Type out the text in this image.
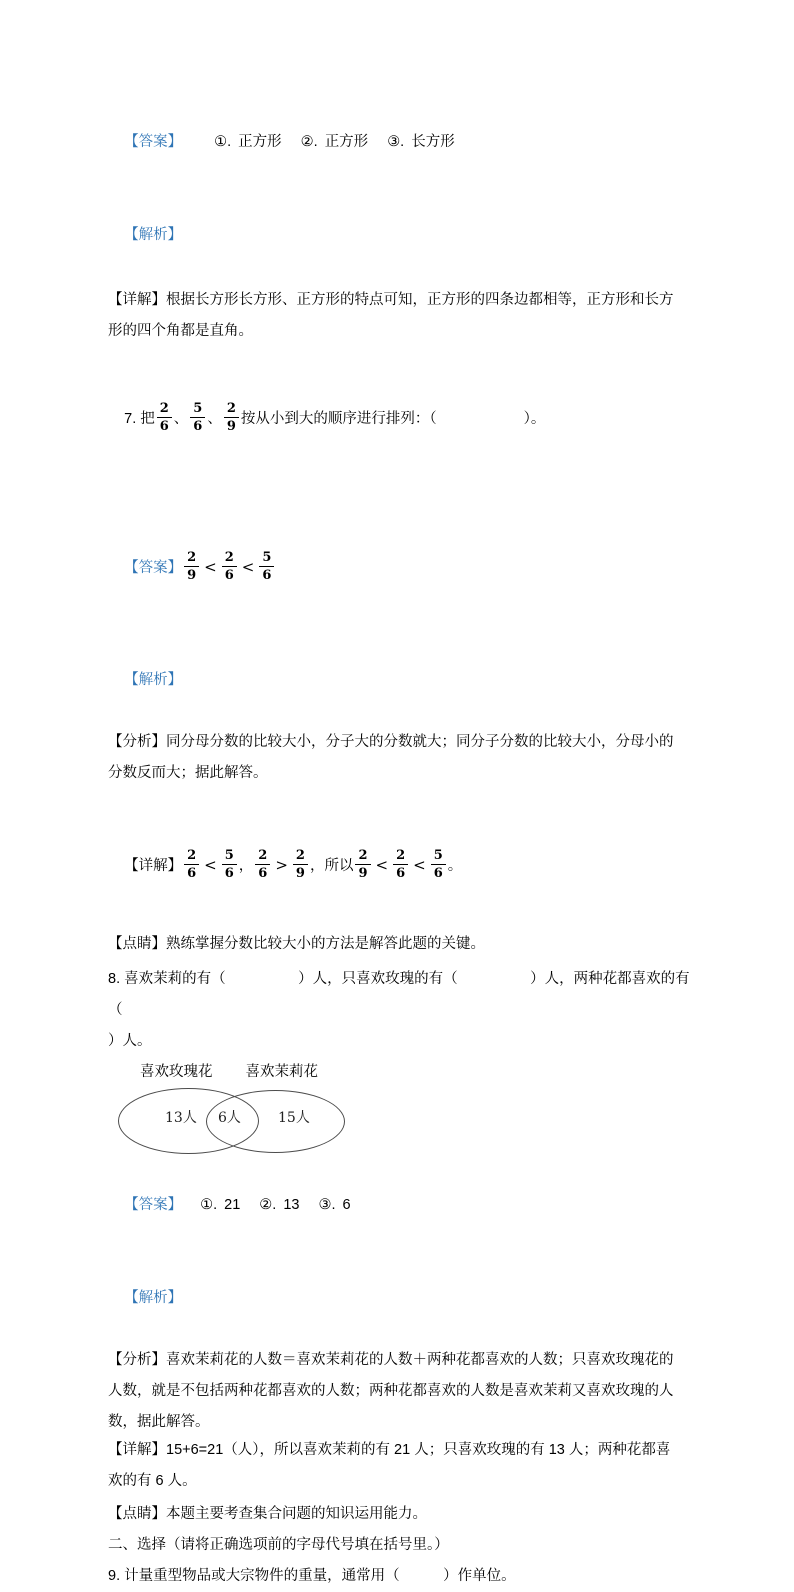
【答案】 ①. 正方形 ②. 正方形 ③. 长方形

【解析】

【详解】根据长方形长方形、正方形的特点可知，正方形的四条边都相等，正方形和长方
形的四个角都是直角。

7. 把 $\frac{2}{6}$ 、 $\frac{5}{6}$ 、 $\frac{2}{9}$ 按从小到大的顺序进行排列：（　　　　　　）。

【答案】 $\frac{2}{9} < \frac{2}{6} < \frac{5}{6}$

【解析】

【分析】同分母分数的比较大小，分子大的分数就大；同分子分数的比较大小，分母小的
分数反而大；据此解答。

【详解】 $\frac{2}{6} < \frac{5}{6}$ ， $\frac{2}{6} > \frac{2}{9}$ ，所以 $\frac{2}{9} < \frac{2}{6} < \frac{5}{6}$ 。

【点睛】熟练掌握分数比较大小的方法是解答此题的关键。
8. 喜欢茉莉的有（　　　　　）人，只喜欢玫瑰的有（　　　　　）人，两种花都喜欢的有（
）人。
喜欢玫瑰花 喜欢茉莉花
13人 6人	15人

【答案】 ①. 21 ②. 13 ③. 6

【解析】

【分析】喜欢茉莉花的人数＝喜欢茉莉花的人数＋两种花都喜欢的人数；只喜欢玫瑰花的
人数，就是不包括两种花都喜欢的人数；两种花都喜欢的人数是喜欢茉莉又喜欢玫瑰的人
数，据此解答。
【详解】15+6=21（人），所以喜欢茉莉的有 21 人；只喜欢玫瑰的有 13 人；两种花都喜
欢的有 6 人。
【点睛】本题主要考查集合问题的知识运用能力。
二、选择（请将正确选项前的字母代号填在括号里。）
9. 计量重型物品或大宗物件的重量，通常用（　　　）作单位。
